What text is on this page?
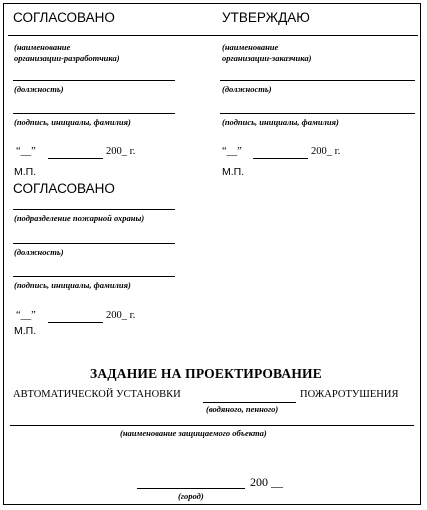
СОГЛАСОВАНО
(наименование
организации-разработчика)
(должность)
(подпись, инициалы, фамилия)
“__”	200_ г.
М.П.
УТВЕРЖДАЮ
(наименование
организации-заказчика)
(должность)
(подпись, инициалы, фамилия)
“__”	200_ г.
М.П.
СОГЛАСОВАНО
(подразделение пожарной охраны)
(должность)
(подпись, инициалы, фамилия)
“__”	200_ г.
М.П.
ЗАДАНИЕ НА ПРОЕКТИРОВАНИЕ
АВТОМАТИЧЕСКОЙ УСТАНОВКИ	ПОЖАРОТУШЕНИЯ
(водяного, пенного)
(наименование защищаемого объекта)
200 __
(город)
